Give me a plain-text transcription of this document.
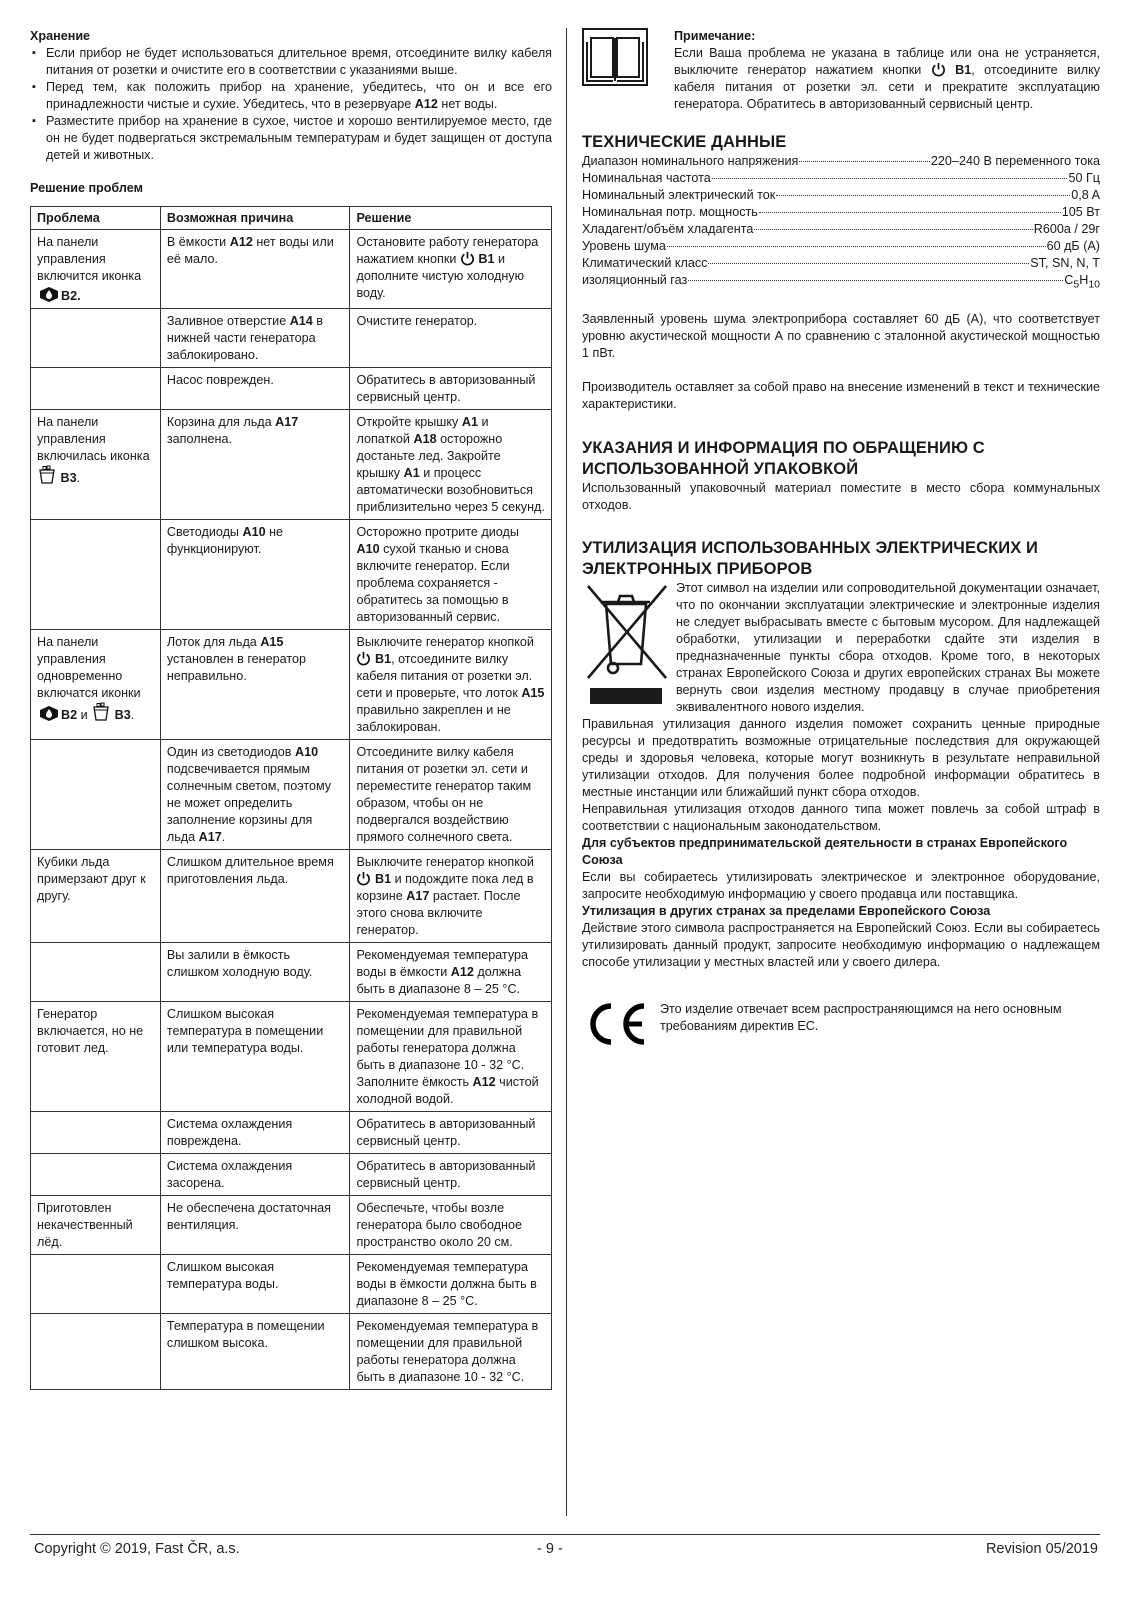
Хранение
▪ Если прибор не будет использоваться длительное время, отсоедините вилку кабеля питания от розетки и очистите его в соответствии с указаниями выше.
▪ Перед тем, как положить прибор на хранение, убедитесь, что он и все его принадлежности чистые и сухие. Убедитесь, что в резервуаре A12 нет воды.
▪ Разместите прибор на хранение в сухое, чистое и хорошо вентилируемое место, где он не будет подвергаться экстремальным температурам и будет защищен от доступа детей и животных.
Решение проблем
Проблема	Возможная причина	Решение
На панели управления включится иконка B2.	В ёмкости A12 нет воды или её мало.	Остановите работу генератора нажатием кнопки  B1 и дополните чистую холодную воду.
	Заливное отверстие A14 в нижней части генератора заблокировано.	Очистите генератор.
	Насос поврежден.	Обратитесь в авторизованный сервисный центр.
На панели управления включилась иконка  B3.	Корзина для льда A17 заполнена.	Откройте крышку A1 и лопаткой A18 осторожно достаньте лед. Закройте крышку A1 и процесс автоматически возобновиться приблизительно через 5 секунд.
	Светодиоды A10 не функционируют.	Осторожно протрите диоды A10 сухой тканью и снова включите генератор. Если проблема сохраняется - обратитесь за помощью в авторизованный сервис.
На панели управления одновременно включатся иконки B2 и  B3.	Лоток для льда A15 установлен в генератор неправильно.	Выключите генератор кнопкой  B1, отсоедините вилку кабеля питания от розетки эл. сети и проверьте, что лоток A15 правильно закреплен и не заблокирован.
	Один из светодиодов A10 подсвечивается прямым солнечным светом, поэтому не может определить заполнение корзины для льда A17.	Отсоедините вилку кабеля питания от розетки эл. сети и переместите генератор таким образом, чтобы он не подвергался воздействию прямого солнечного света.
Кубики льда примерзают друг к другу.	Слишком длительное время приготовления льда.	Выключите генератор кнопкой  B1 и подождите пока лед в корзине A17 растает. После этого снова включите генератор.
	Вы залили в ёмкость слишком холодную воду.	Рекомендуемая температура воды в ёмкости A12 должна быть в диапазоне 8 – 25 °C.
Генератор включается, но не готовит лед.	Слишком высокая температура в помещении или температура воды.	Рекомендуемая температура в помещении для правильной работы генератора должна быть в диапазоне 10 - 32 °C. Заполните ёмкость A12 чистой холодной водой.
	Система охлаждения повреждена.	Обратитесь в авторизованный сервисный центр.
	Система охлаждения засорена.	Обратитесь в авторизованный сервисный центр.
Приготовлен некачественный лёд.	Не обеспечена достаточная вентиляция.	Обеспечьте, чтобы возле генератора было свободное пространство около 20 см.
	Слишком высокая температура воды.	Рекомендуемая температура воды в ёмкости должна быть в диапазоне 8 – 25 °C.
	Температура в помещении слишком высока.	Рекомендуемая температура в помещении для правильной работы генератора должна быть в диапазоне 10 - 32 °C.
Примечание:
Если Ваша проблема не указана в таблице или она не устраняется, выключите генератор нажатием кнопки  B1, отсоедините вилку кабеля питания от розетки эл. сети и прекратите эксплуатацию генератора. Обратитесь в авторизованный сервисный центр.
ТЕХНИЧЕСКИЕ ДАННЫЕ
Диапазон номинального напряжения	220–240 В переменного тока
Номинальная частота	50 Гц
Номинальный электрический ток	0,8 A
Номинальная потр. мощность	105 Вт
Хладагент/объём хладагента	R600a / 29г
Уровень шума	60 дБ (A)
Климатический класс	ST, SN, N, T
изоляционный газ	$C_5H_{10}$

Заявленный уровень шума электроприбора составляет 60 дБ (A), что соответствует уровню акустической мощности А по сравнению с эталонной акустической мощностью 1 пВт.

Производитель оставляет за собой право на внесение изменений в текст и технические характеристики.

УКАЗАНИЯ И ИНФОРМАЦИЯ ПО ОБРАЩЕНИЮ С ИСПОЛЬЗОВАННОЙ УПАКОВКОЙ

Использованный упаковочный материал поместите в место сбора коммунальных отходов.

УТИЛИЗАЦИЯ ИСПОЛЬЗОВАННЫХ ЭЛЕКТРИЧЕСКИХ И ЭЛЕКТРОННЫХ ПРИБОРОВ

Этот символ на изделии или сопроводительной документации означает, что по окончании эксплуатации электрические и электронные изделия не следует выбрасывать вместе с бытовым мусором. Для надлежащей обработки, утилизации и переработки сдайте эти изделия в предназначенные пункты сбора отходов. Кроме того, в некоторых странах Европейского Союза и других европейских странах Вы можете вернуть свои изделия местному продавцу в случае приобретения эквивалентного нового изделия.

Правильная утилизация данного изделия поможет сохранить ценные природные ресурсы и предотвратить возможные отрицательные последствия для окружающей среды и здоровья человека, которые могут возникнуть в результате неправильной утилизации отходов. Для получения более подробной информации обратитесь в местные инстанции или ближайший пункт сбора отходов.

Неправильная утилизация отходов данного типа может повлечь за собой штраф в соответствии с национальным законодательством.

Для субъектов предпринимательской деятельности в странах Европейского Союза

Если вы собираетесь утилизировать электрическое и электронное оборудование, запросите необходимую информацию у своего продавца или поставщика.

Утилизация в других странах за пределами Европейского Союза

Действие этого символа распространяется на Европейский Союз. Если вы собираетесь утилизировать данный продукт, запросите необходимую информацию о надлежащем способе утилизации у местных властей или у своего дилера.

Это изделие отвечает всем распространяющимся на него основным требованиям директив ЕС.
Copyright © 2019, Fast ČR, a.s.	- 9 -	Revision 05/2019
